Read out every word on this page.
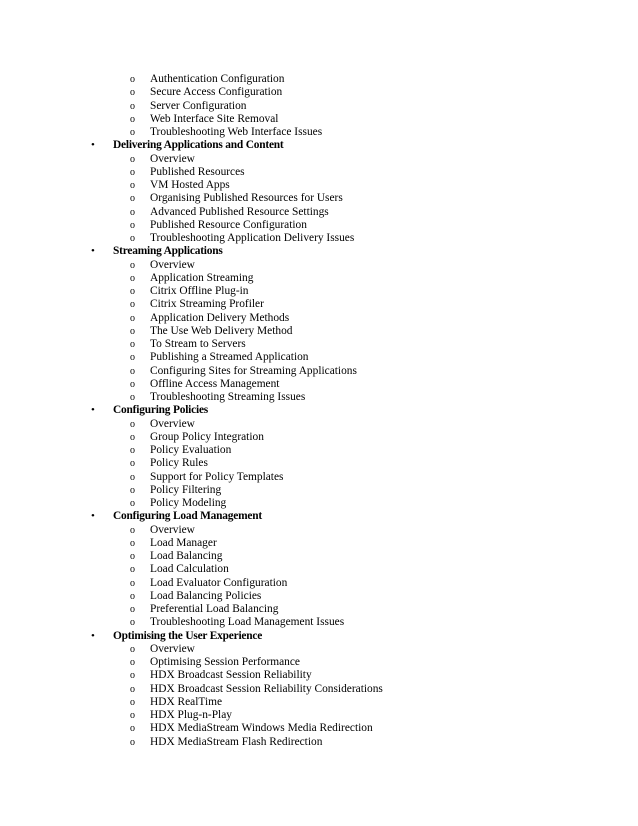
o Authentication Configuration
o Secure Access Configuration
o Server Configuration
o Web Interface Site Removal
o Troubleshooting Web Interface Issues
• Delivering Applications and Content
o Overview
o Published Resources
o VM Hosted Apps
o Organising Published Resources for Users
o Advanced Published Resource Settings
o Published Resource Configuration
o Troubleshooting Application Delivery Issues
• Streaming Applications
o Overview
o Application Streaming
o Citrix Offline Plug-in
o Citrix Streaming Profiler
o Application Delivery Methods
o The Use Web Delivery Method
o To Stream to Servers
o Publishing a Streamed Application
o Configuring Sites for Streaming Applications
o Offline Access Management
o Troubleshooting Streaming Issues
• Configuring Policies
o Overview
o Group Policy Integration
o Policy Evaluation
o Policy Rules
o Support for Policy Templates
o Policy Filtering
o Policy Modeling
• Configuring Load Management
o Overview
o Load Manager
o Load Balancing
o Load Calculation
o Load Evaluator Configuration
o Load Balancing Policies
o Preferential Load Balancing
o Troubleshooting Load Management Issues
• Optimising the User Experience
o Overview
o Optimising Session Performance
o HDX Broadcast Session Reliability
o HDX Broadcast Session Reliability Considerations
o HDX RealTime
o HDX Plug-n-Play
o HDX MediaStream Windows Media Redirection
o HDX MediaStream Flash Redirection
